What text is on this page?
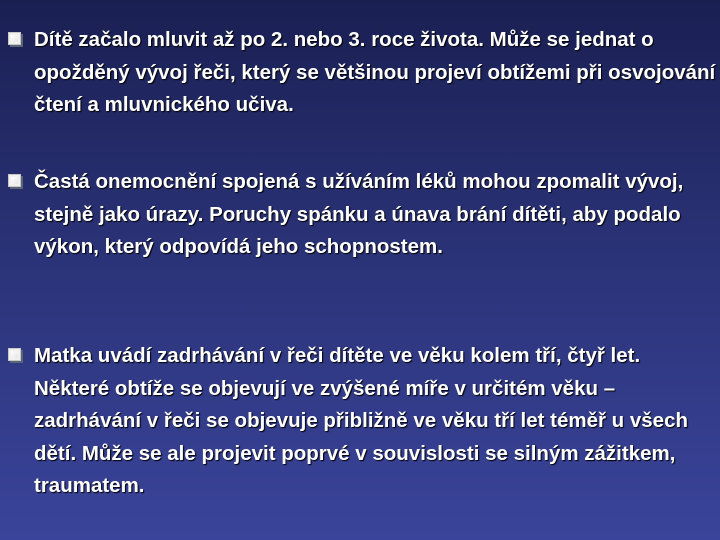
Dítě začalo mluvit až po 2. nebo 3. roce života. Může se jednat o opožděný vývoj řeči, který se většinou projeví obtížemi při osvojování čtení a mluvnického učiva.
Častá onemocnění spojená s užíváním léků mohou zpomalit vývoj, stejně jako úrazy. Poruchy spánku a únava brání dítěti, aby podalo výkon, který odpovídá jeho schopnostem.
Matka uvádí zadrhávání v řeči dítěte ve věku kolem tří, čtyř let. Některé obtíže se objevují ve zvýšené míře v určitém věku – zadrhávání v řeči se objevuje přibližně ve věku tří let téměř u všech dětí. Může se ale projevit poprvé v souvislosti se silným zážitkem, traumatem.
